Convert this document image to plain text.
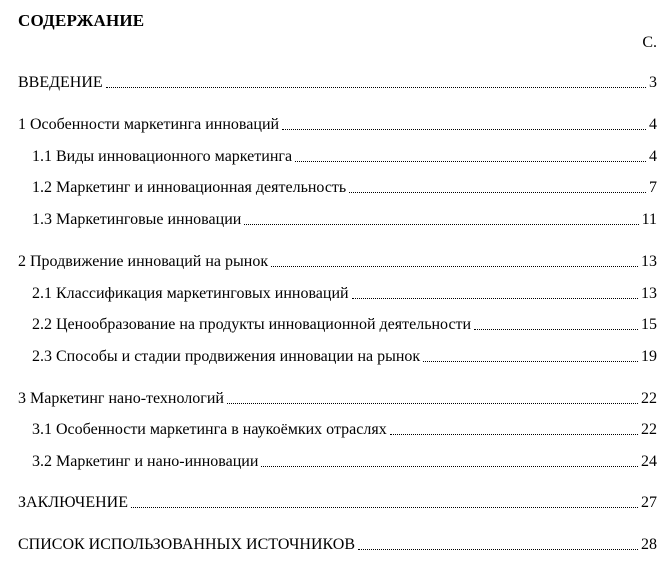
СОДЕРЖАНИЕ
С.
ВВЕДЕНИЕ	3
1 Особенности маркетинга инноваций	4
1.1 Виды инновационного маркетинга	4
1.2 Маркетинг и инновационная деятельность	7
1.3 Маркетинговые инновации	11
2 Продвижение инноваций на рынок	13
2.1 Классификация маркетинговых инноваций	13
2.2 Ценообразование на продукты инновационной деятельности	15
2.3 Способы и стадии продвижения инновации на рынок	19
3 Маркетинг нано-технологий	22
3.1 Особенности маркетинга в наукоёмких отраслях	22
3.2 Маркетинг и нано-инновации	24
ЗАКЛЮЧЕНИЕ	27
СПИСОК ИСПОЛЬЗОВАННЫХ ИСТОЧНИКОВ	28
